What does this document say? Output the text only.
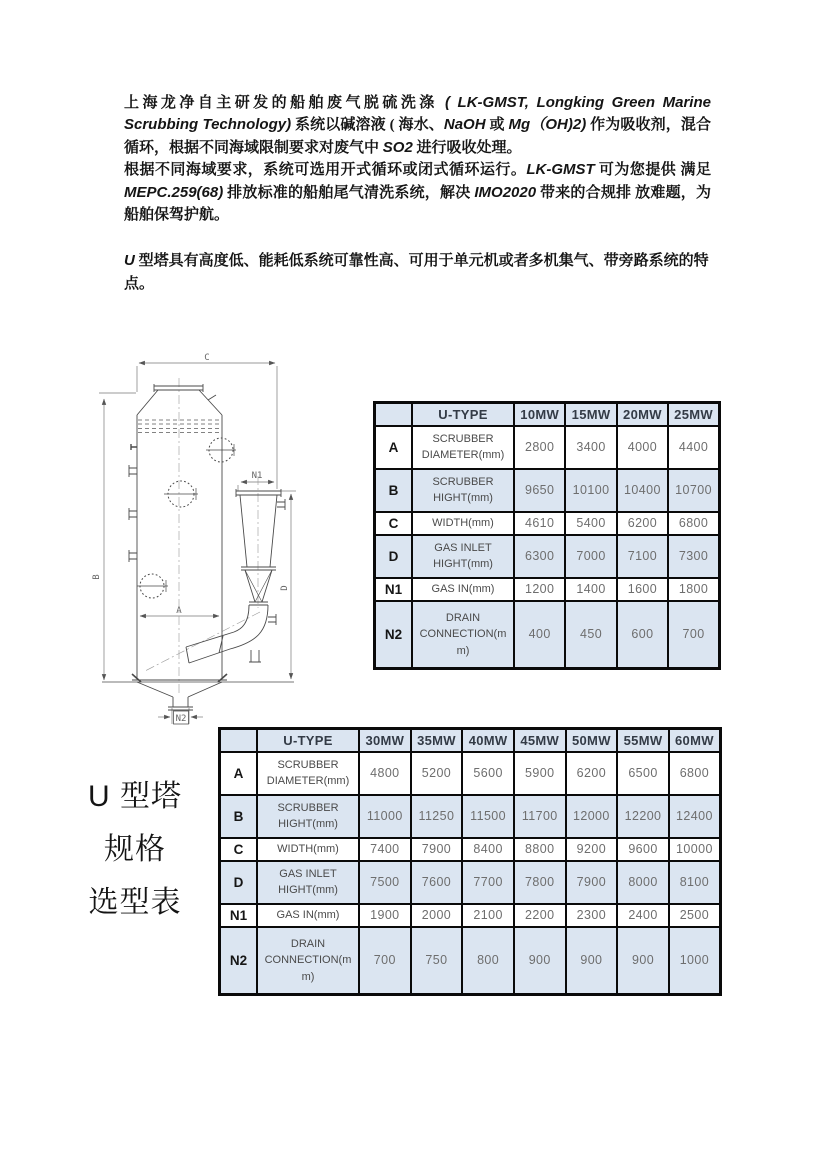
上海龙净自主研发的船舶废气脱硫洗涤 ( LK-GMST, Longking Green Marine Scrubbing Technology) 系统以碱溶液 ( 海水、NaOH 或 Mg（OH)2) 作为吸收剂，混合循环，根据不同海域限制要求对废气中 SO2 进行吸收处理。

根据不同海域要求，系统可选用开式循环或闭式循环运行。LK-GMST 可为您提供 满足 MEPC.259(68) 排放标准的船舶尾气清洗系统，解决 IMO2020 带来的合规排 放难题，为船舶保驾护航。

U 型塔具有高度低、能耗低系统可靠性高、可用于单元机或者多机集气、带旁路系统的特点。

C
B
A
D
N1
N2
	U-TYPE	10MW	15MW	20MW	25MW
A	SCRUBBER DIAMETER(mm)	2800	3400	4000	4400
B	SCRUBBER HIGHT(mm)	9650	10100	10400	10700
C	WIDTH(mm)	4610	5400	6200	6800
D	GAS INLET HIGHT(mm)	6300	7000	7100	7300
N1	GAS IN(mm)	1200	1400	1600	1800
N2	DRAIN CONNECTION(mm)	400	450	600	700
U 型塔
规格
选型表
	U-TYPE	30MW	35MW	40MW	45MW	50MW	55MW	60MW
A	SCRUBBER DIAMETER(mm)	4800	5200	5600	5900	6200	6500	6800
B	SCRUBBER HIGHT(mm)	11000	11250	11500	11700	12000	12200	12400
C	WIDTH(mm)	7400	7900	8400	8800	9200	9600	10000
D	GAS INLET HIGHT(mm)	7500	7600	7700	7800	7900	8000	8100
N1	GAS IN(mm)	1900	2000	2100	2200	2300	2400	2500
N2	DRAIN CONNECTION(mm)	700	750	800	900	900	900	1000
